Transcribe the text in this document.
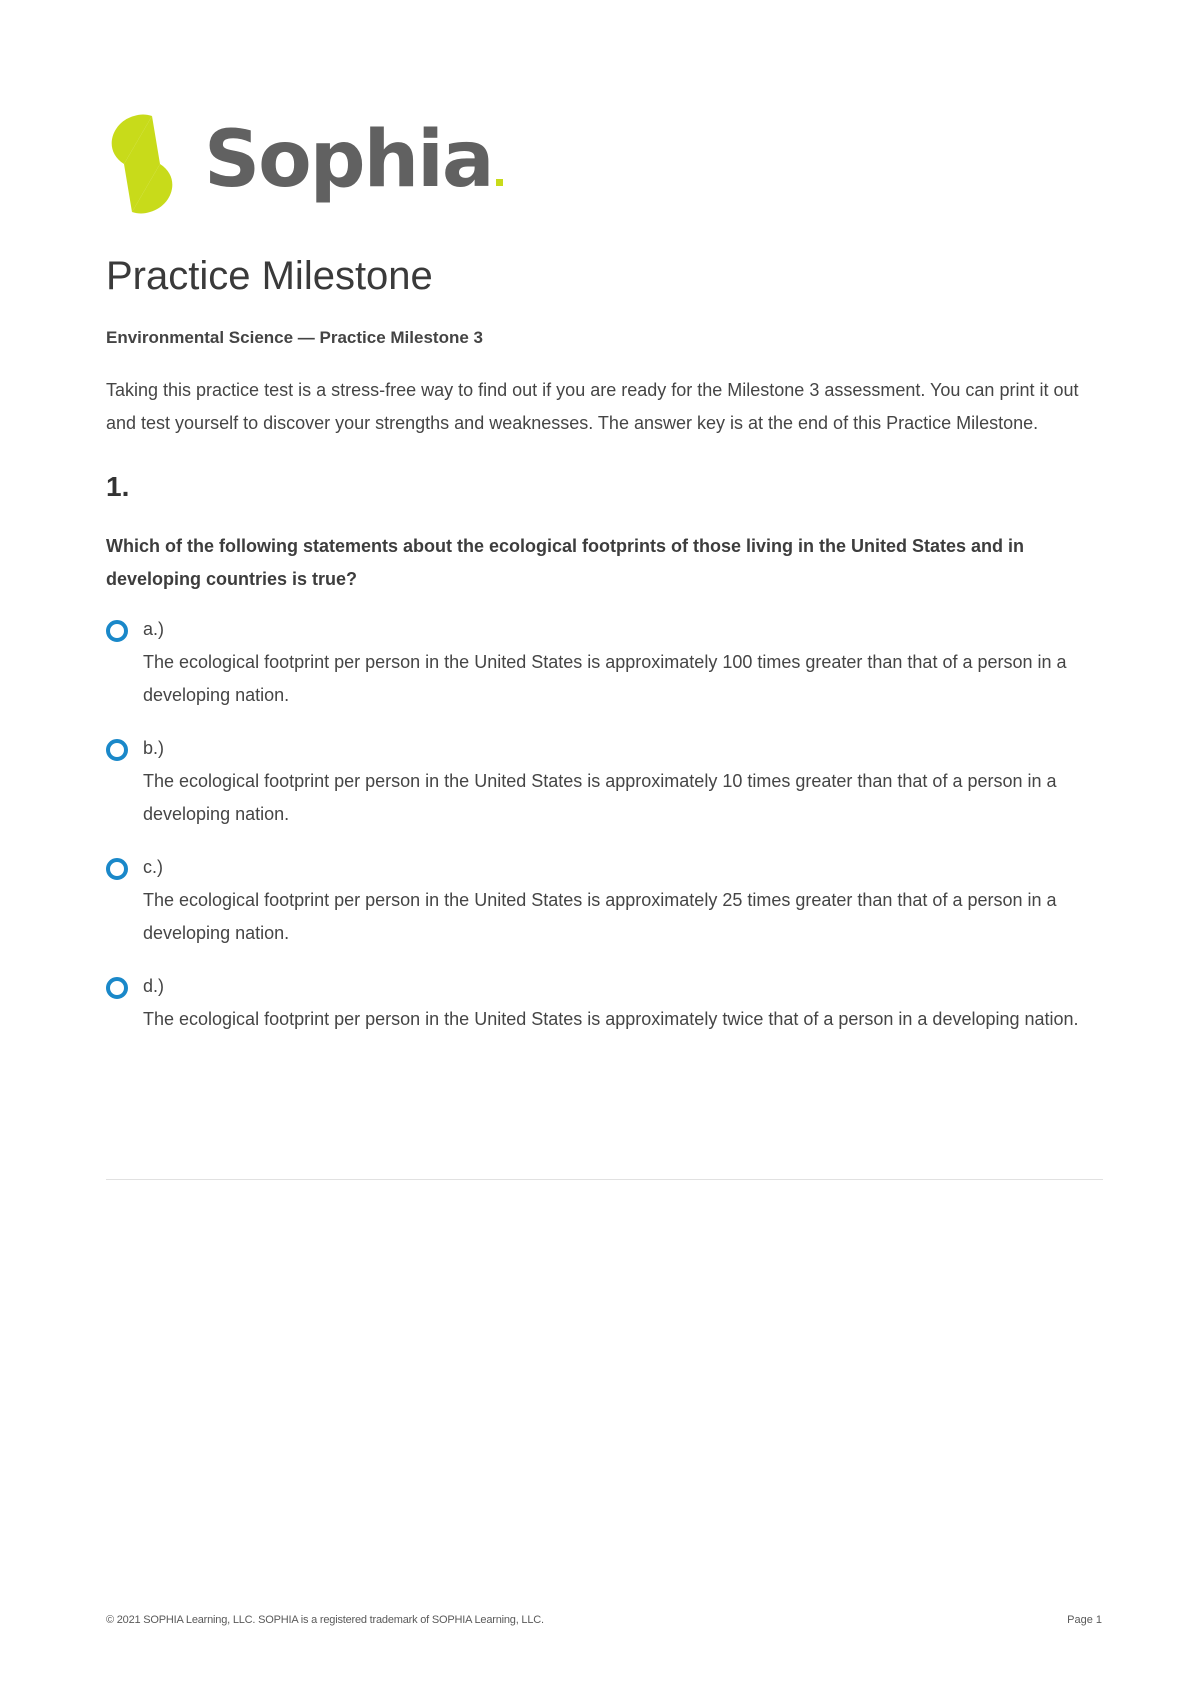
Sophia
Practice Milestone

Environmental Science — Practice Milestone 3

Taking this practice test is a stress-free way to find out if you are ready for the Milestone 3 assessment. You can print it out and test yourself to discover your strengths and weaknesses. The answer key is at the end of this Practice Milestone.

1.

Which of the following statements about the ecological footprints of those living in the United States and in developing countries is true?

a.)
The ecological footprint per person in the United States is approximately 100 times greater than that of a person in a developing nation.
b.)
The ecological footprint per person in the United States is approximately 10 times greater than that of a person in a developing nation.
c.)
The ecological footprint per person in the United States is approximately 25 times greater than that of a person in a developing nation.
d.)
The ecological footprint per person in the United States is approximately twice that of a person in a developing nation.
© 2021 SOPHIA Learning, LLC. SOPHIA is a registered trademark of SOPHIA Learning, LLC.	Page 1
